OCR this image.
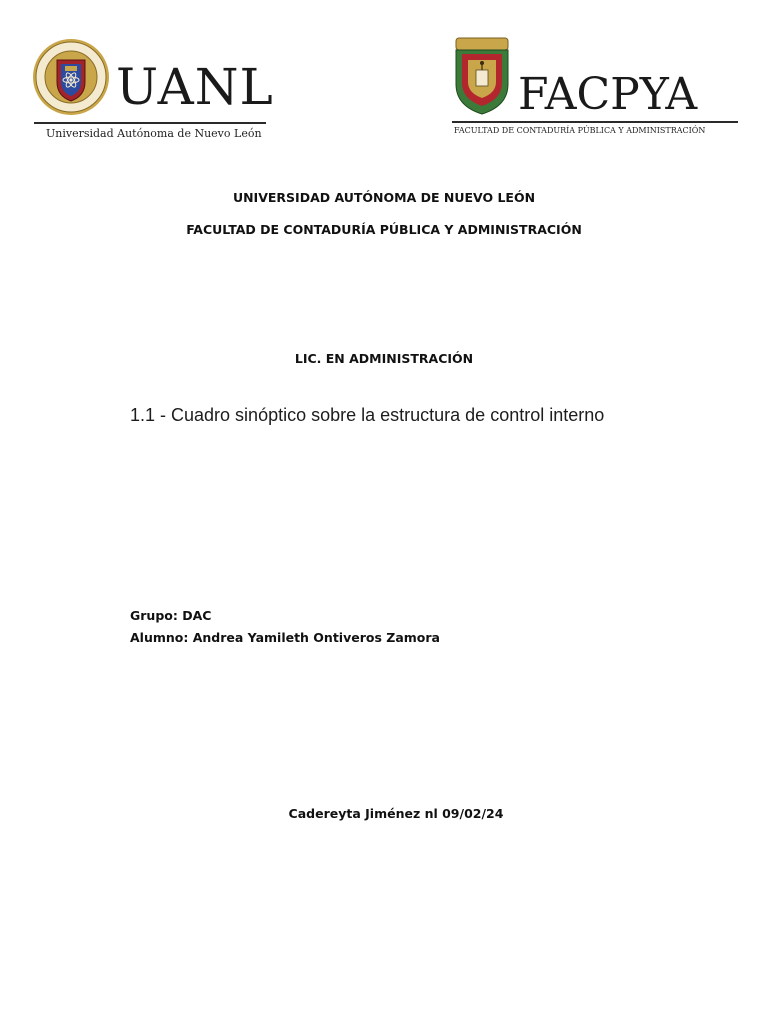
UANL
Universidad Autónoma de Nuevo León
FACPYA
FACULTAD DE CONTADURÍA PÚBLICA Y ADMINISTRACIÓN
UNIVERSIDAD AUTÓNOMA DE NUEVO LEÓN
FACULTAD DE CONTADURÍA PÚBLICA Y ADMINISTRACIÓN
LIC. EN ADMINISTRACIÓN
1.1 - Cuadro sinóptico sobre la estructura de control interno
Grupo: DAC
Alumno: Andrea Yamileth Ontiveros Zamora
Cadereyta Jiménez nl 09/02/24
